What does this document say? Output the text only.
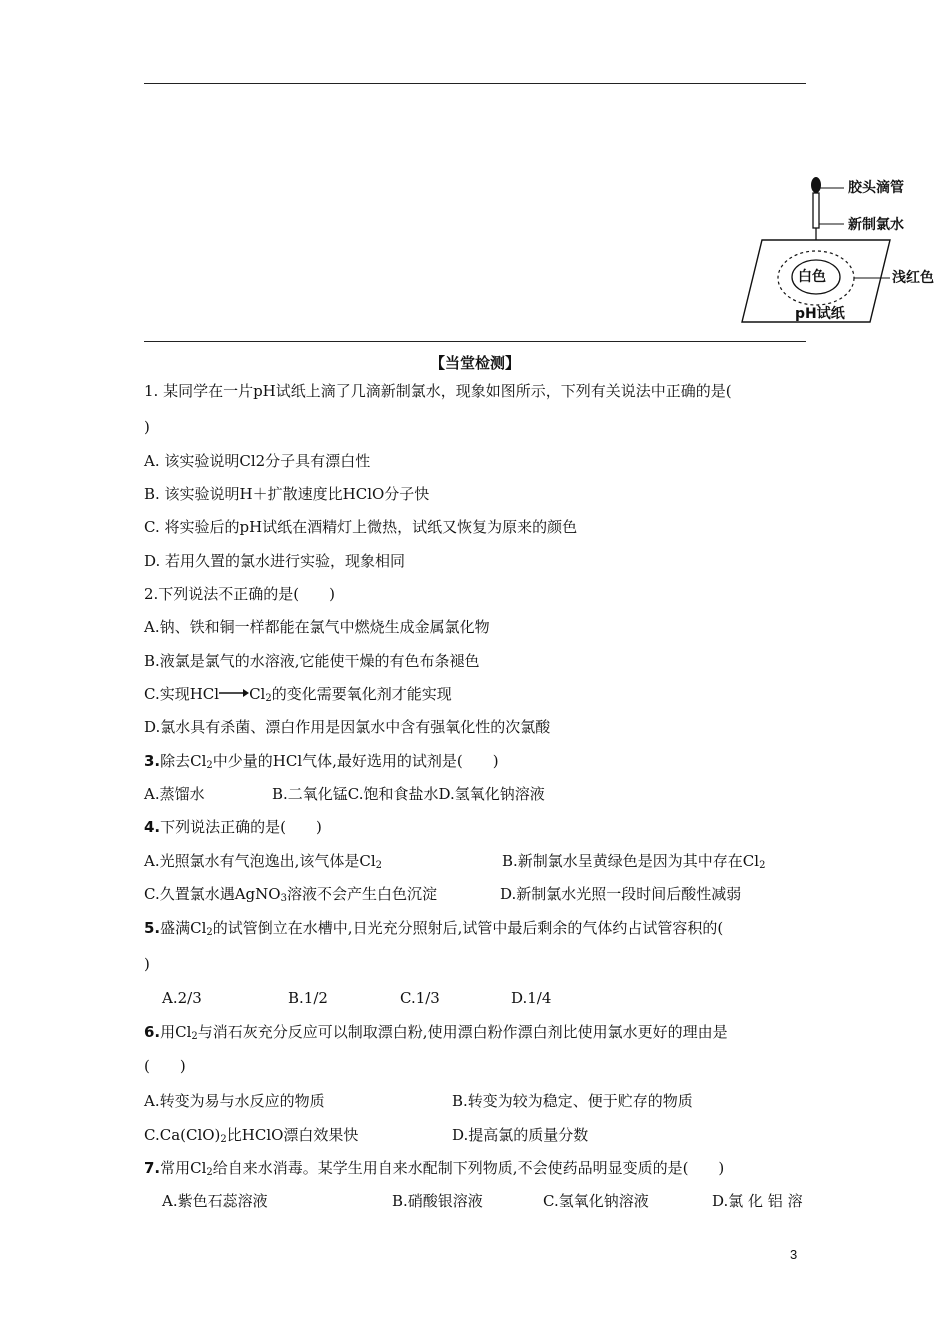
胶头滴管
新制氯水
白色	浅红色
pH试纸
【当堂检测】
1. 某同学在一片pH试纸上滴了几滴新制氯水，现象如图所示，下列有关说法中正确的是(
)
A. 该实验说明Cl2分子具有漂白性
B. 该实验说明H＋扩散速度比HClO分子快
C. 将实验后的pH试纸在酒精灯上微热，试纸又恢复为原来的颜色
D. 若用久置的氯水进行实验，现象相同
2.下列说法不正确的是(　　)
A.钠、铁和铜一样都能在氯气中燃烧生成金属氯化物
B.液氯是氯气的水溶液,它能使干燥的有色布条褪色
C.实现HCl $Cl_2$的变化需要氧化剂才能实现
D.氯水具有杀菌、漂白作用是因氯水中含有强氧化性的次氯酸
3.除去$Cl_2$中少量的HCl气体,最好选用的试剂是(　　)
A.蒸馏水	B.二氧化锰C.饱和食盐水D.氢氧化钠溶液
4.下列说法正确的是(　　)
A.光照氯水有气泡逸出,该气体是$Cl_2$	B.新制氯水呈黄绿色是因为其中存在$Cl_2$
C.久置氯水遇AgNO$_3$溶液不会产生白色沉淀	D.新制氯水光照一段时间后酸性减弱
5.盛满$Cl_2$的试管倒立在水槽中,日光充分照射后,试管中最后剩余的气体约占试管容积的(
)
A.2/3	B.1/2	C.1/3	D.1/4
6.用$Cl_2$与消石灰充分反应可以制取漂白粉,使用漂白粉作漂白剂比使用氯水更好的理由是
(　　)
A.转变为易与水反应的物质	B.转变为较为稳定、便于贮存的物质
$C.Ca(ClO)_2$比HClO漂白效果快	D.提高氯的质量分数
7.常用$Cl_2$给自来水消毒。某学生用自来水配制下列物质,不会使药品明显变质的是(　　)
A.紫色石蕊溶液	B.硝酸银溶液	C.氢氧化钠溶液	D.氯 化 铝 溶
3
